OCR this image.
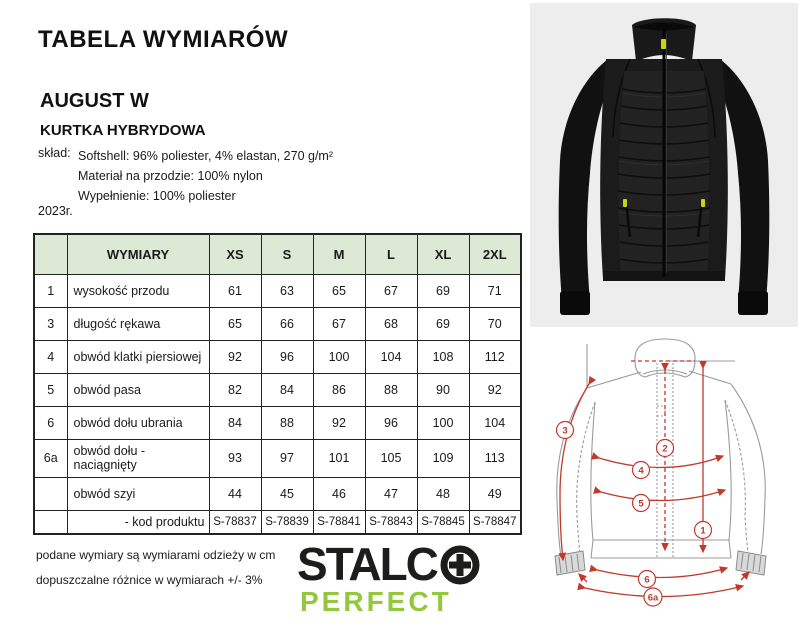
TABELA WYMIARÓW
AUGUST W
KURTKA HYBRYDOWA
skład: Softshell: 96% poliester, 4% elastan, 270 g/m²
Materiał na przodzie: 100% nylon
Wypełnienie: 100% poliester
2023r.
	WYMIARY	XS	S	M	L	XL	2XL
1	wysokość przodu	61	63	65	67	69	71
3	długość rękawa	65	66	67	68	69	70
4	obwód klatki piersiowej	92	96	100	104	108	112
5	obwód pasa	82	84	86	88	90	92
6	obwód dołu ubrania	84	88	92	96	100	104
6a	obwód dołu - naciągnięty	93	97	101	105	109	113
	obwód szyi	44	45	46	47	48	49
	- kod produktu	S-78837	S-78839	S-78841	S-78843	S-78845	S-78847
podane wymiary są wymiarami odzieży w cm
dopuszczalne różnice w wymiarach +/- 3% STALC
PERFECT
1
2
3
4
5
6
6a
